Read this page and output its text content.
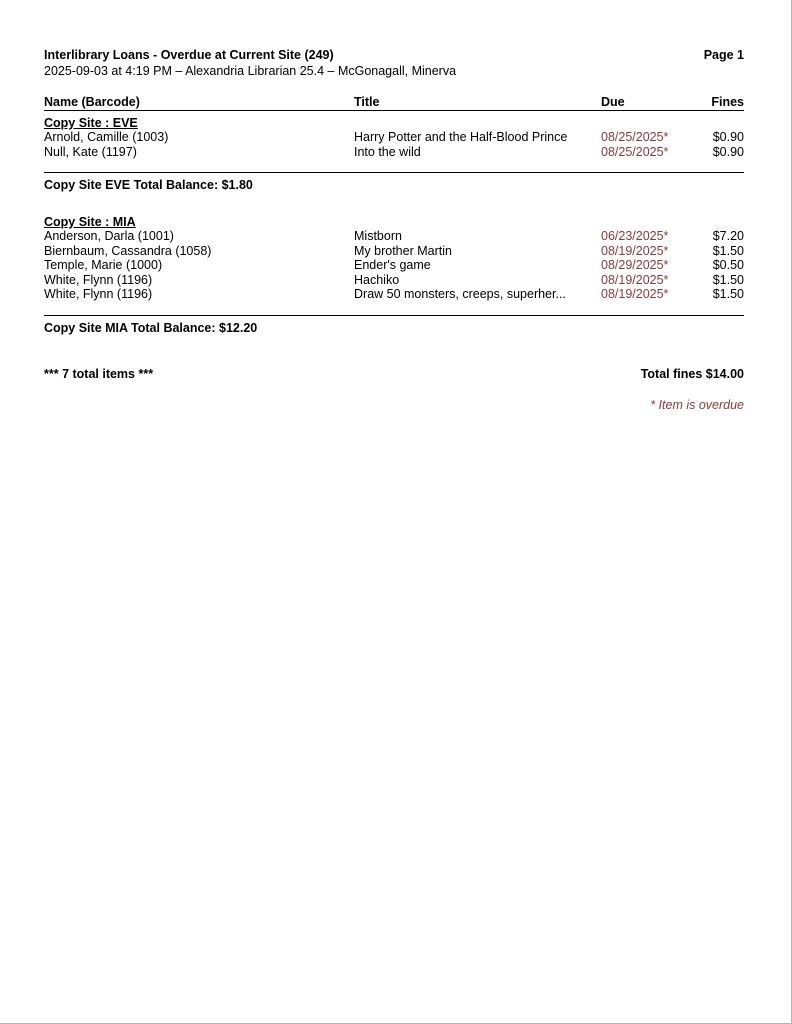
Interlibrary Loans - Overdue at Current Site (249)	Page 1
2025-09-03 at 4:19 PM – Alexandria Librarian 25.4 – McGonagall, Minerva
Name (Barcode)	Title	Due	Fines
Copy Site : EVE
Arnold, Camille (1003)	Harry Potter and the Half-Blood Prince	08/25/2025*	$0.90
Null, Kate (1197)	Into the wild	08/25/2025*	$0.90
Copy Site EVE Total Balance: $1.80
Copy Site : MIA
Anderson, Darla (1001)	Mistborn	06/23/2025*	$7.20
Biernbaum, Cassandra (1058)	My brother Martin	08/19/2025*	$1.50
Temple, Marie (1000)	Ender's game	08/29/2025*	$0.50
White, Flynn (1196)	Hachiko	08/19/2025*	$1.50
White, Flynn (1196)	Draw 50 monsters, creeps, superher...	08/19/2025*	$1.50
Copy Site MIA Total Balance: $12.20
*** 7 total items ***	Total fines $14.00
* Item is overdue
